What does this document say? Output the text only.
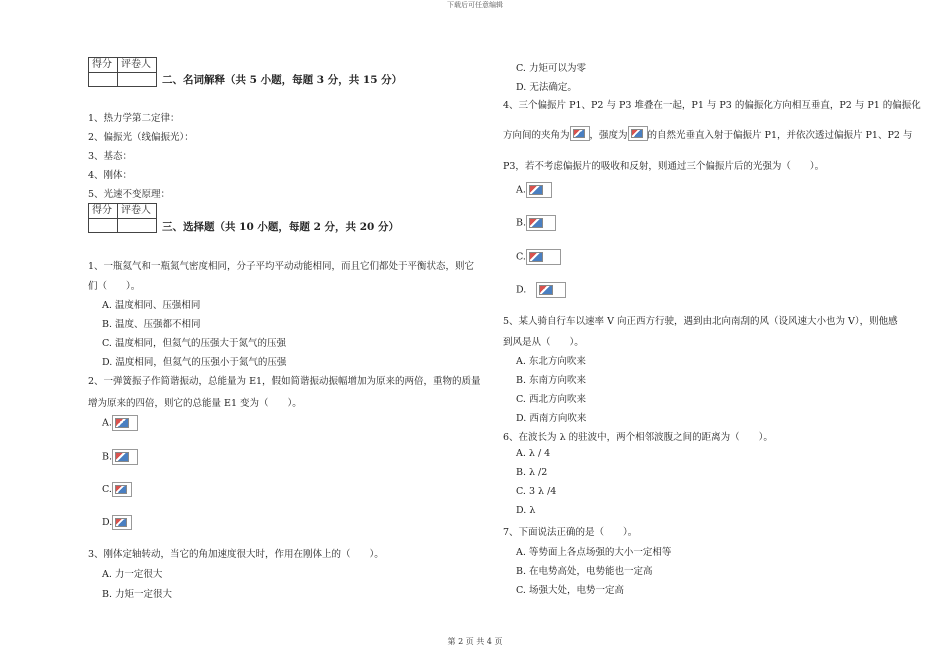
下载后可任意编辑
第 2 页 共 4 页
得分 评卷人
二、名词解释（共 5 小题，每题 3 分，共 15 分）
1、热力学第二定律：
2、偏振光（线偏振光）：
3、基态：
4、刚体：
5、光速不变原理：
得分 评卷人
三、选择题（共 10 小题，每题 2 分，共 20 分）
1、一瓶氦气和一瓶氮气密度相同，分子平均平动动能相同，而且它们都处于平衡状态，则它
们（　　）。
A. 温度相同、压强相同
B. 温度、压强都不相同
C. 温度相同，但氦气的压强大于氮气的压强
D. 温度相同，但氦气的压强小于氮气的压强
2、一弹簧振子作简谐振动，总能量为 E1，假如简谐振动振幅增加为原来的两倍，重物的质量
增为原来的四倍，则它的总能量 E1 变为（　　）。
A.
B.
C.
D.
3、刚体定轴转动，当它的角加速度很大时，作用在刚体上的（　　）。
A. 力一定很大
B. 力矩一定很大
C. 力矩可以为零
D. 无法确定。
4、三个偏振片 P1、P2 与 P3 堆叠在一起，P1 与 P3 的偏振化方向相互垂直，P2 与 P1 的偏振化
方向间的夹角为 ，强度为 的自然光垂直入射于偏振片 P1，并依次透过偏振片 P1、P2 与
P3，若不考虑偏振片的吸收和反射，则通过三个偏振片后的光强为（　　）。
A.
B.
C.
D.
5、某人骑自行车以速率 V 向正西方行驶，遇到由北向南刮的风（设风速大小也为 V），则他感
到风是从（　　）。
A. 东北方向吹来
B. 东南方向吹来
C. 西北方向吹来
D. 西南方向吹来
6、在波长为 λ 的驻波中，两个相邻波腹之间的距离为（　　）。
A. λ / 4
B. λ /2
C. 3 λ /4
D. λ
7、下面说法正确的是（　　）。
A. 等势面上各点场强的大小一定相等
B. 在电势高处，电势能也一定高
C. 场强大处，电势一定高
